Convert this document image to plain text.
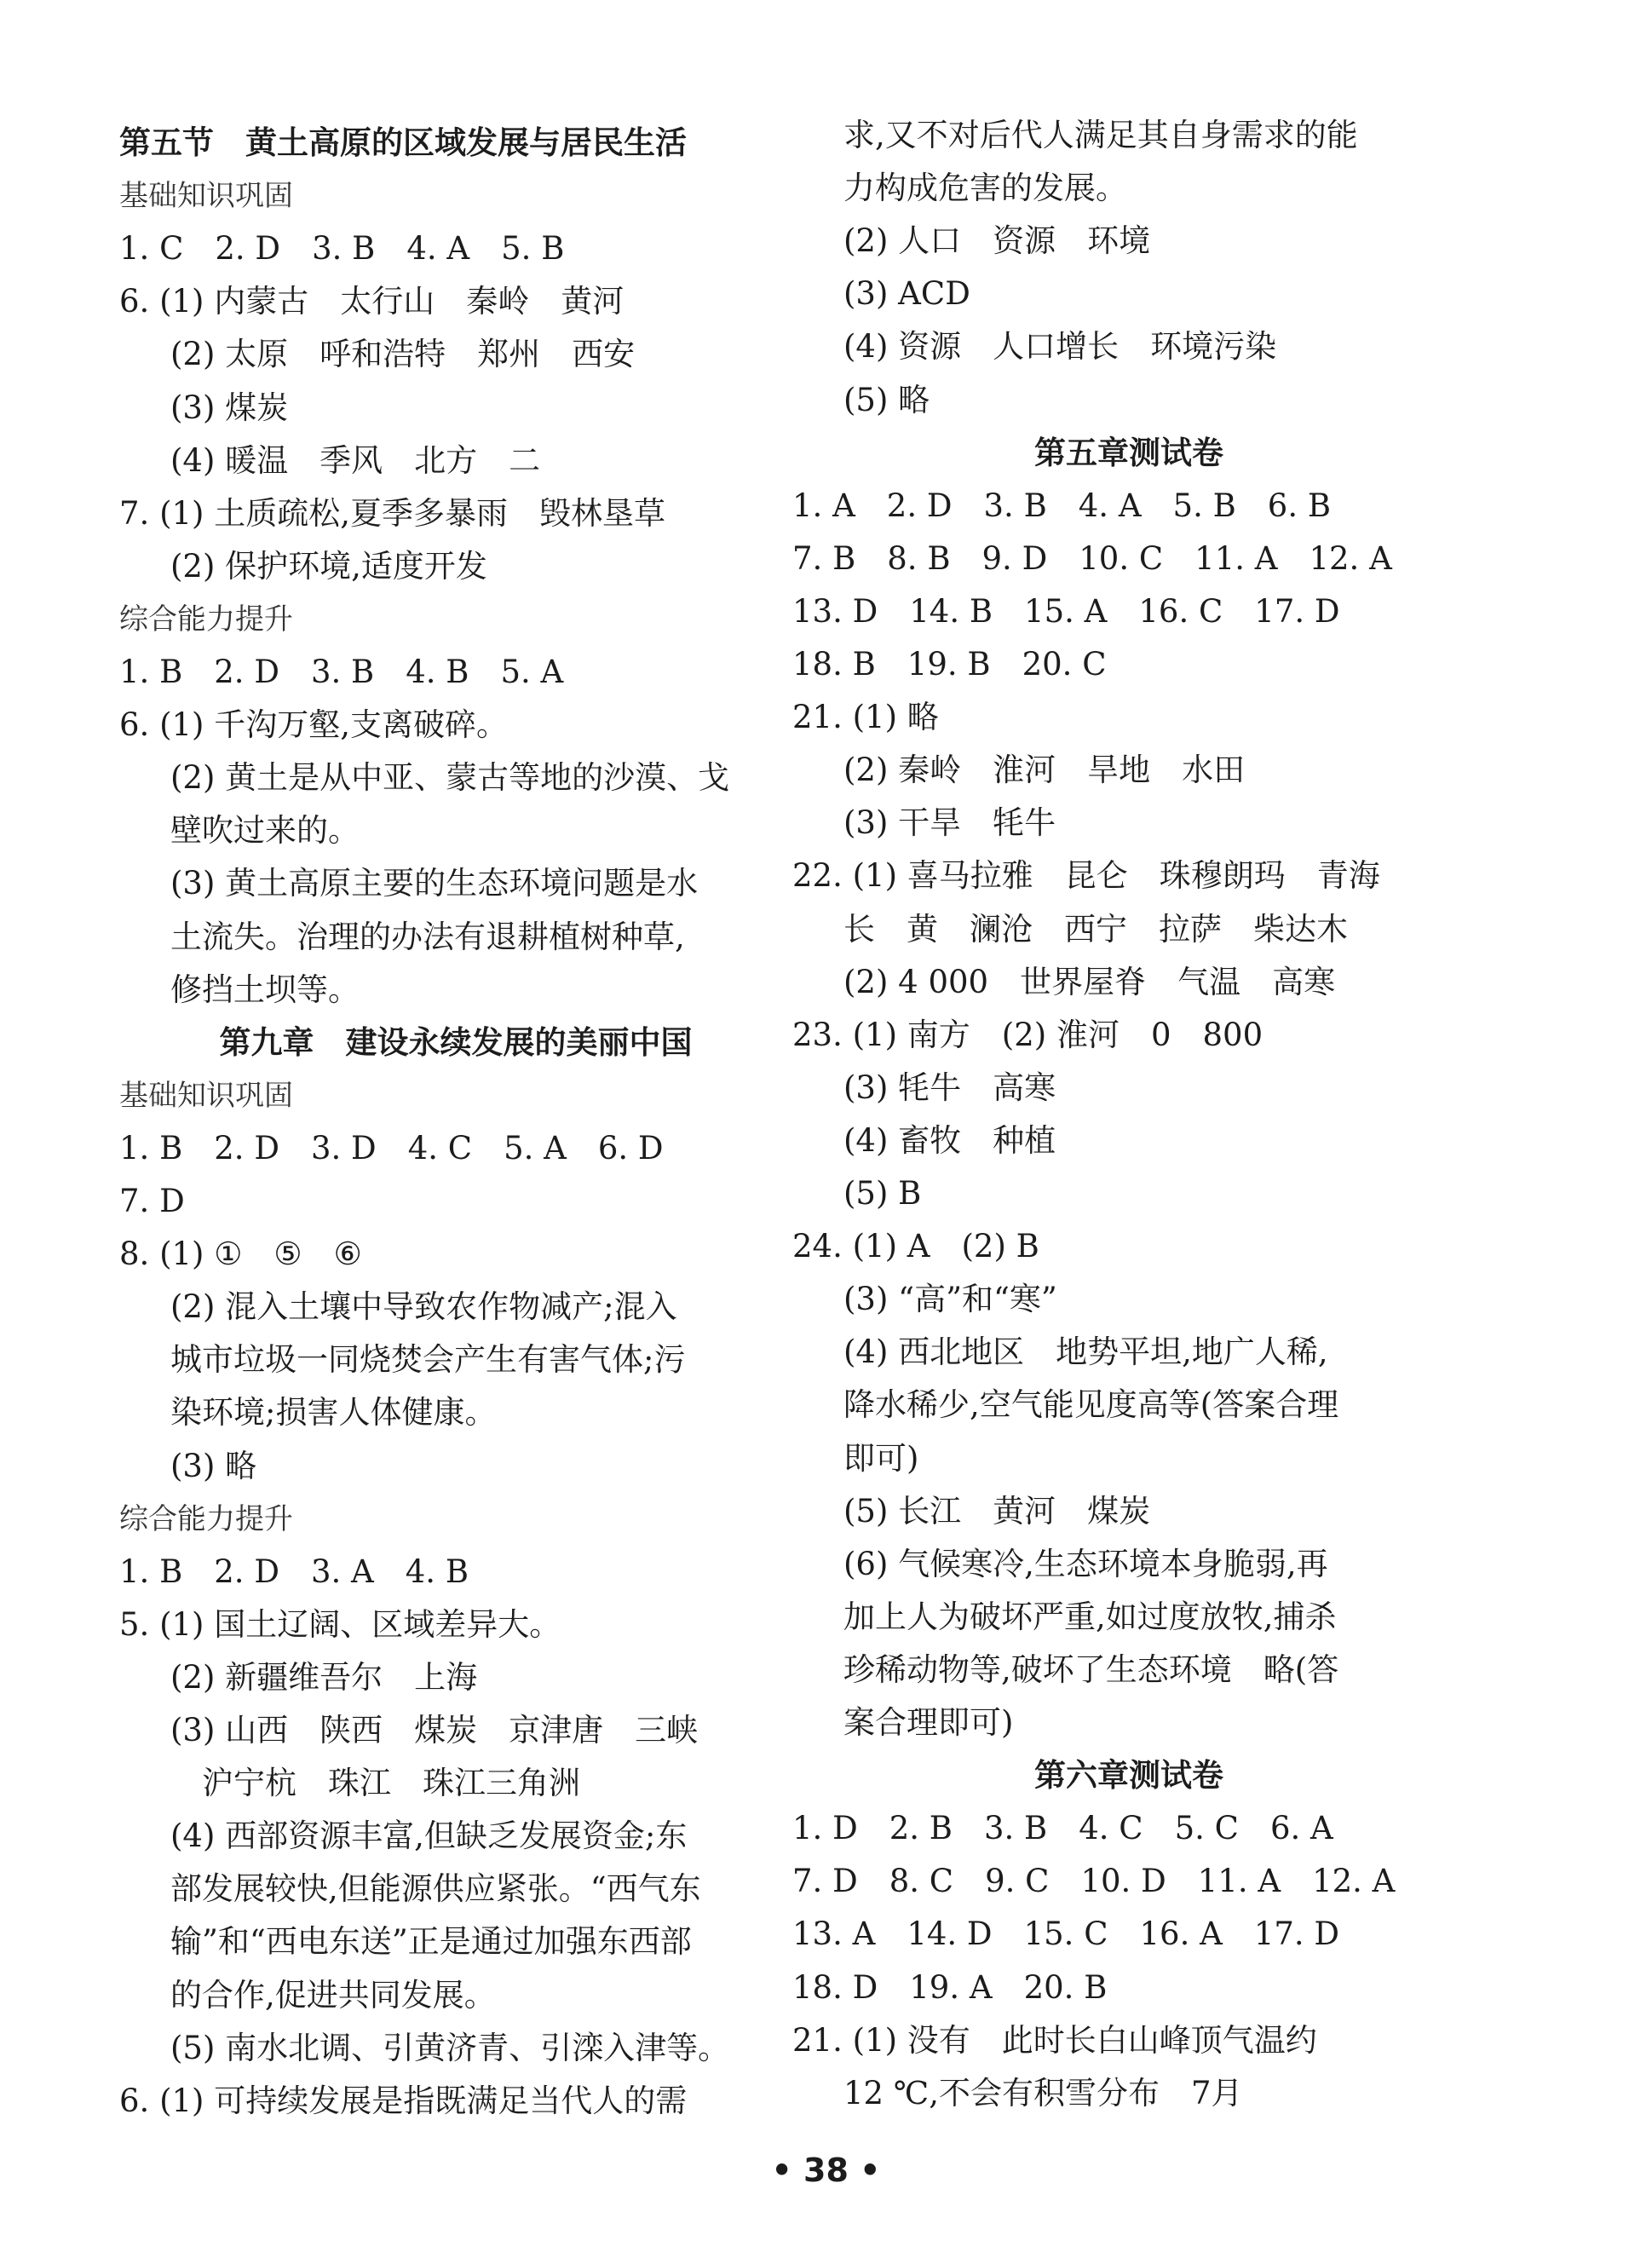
第五节　黄土高原的区域发展与居民生活
基础知识巩固
1. C　2. D　3. B　4. A　5. B
6. (1) 内蒙古　太行山　秦岭　黄河
(2) 太原　呼和浩特　郑州　西安
(3) 煤炭
(4) 暖温　季风　北方　二
7. (1) 土质疏松,夏季多暴雨　毁林垦草
(2) 保护环境,适度开发
综合能力提升
1. B　2. D　3. B　4. B　5. A
6. (1) 千沟万壑,支离破碎。
(2) 黄土是从中亚、蒙古等地的沙漠、戈
壁吹过来的。
(3) 黄土高原主要的生态环境问题是水
土流失。治理的办法有退耕植树种草,
修挡土坝等。
第九章　建设永续发展的美丽中国
基础知识巩固
1. B　2. D　3. D　4. C　5. A　6. D
7. D
8. (1) ①　⑤　⑥
(2) 混入土壤中导致农作物减产;混入
城市垃圾一同烧焚会产生有害气体;污
染环境;损害人体健康。
(3) 略
综合能力提升
1. B　2. D　3. A　4. B
5. (1) 国土辽阔、区域差异大。
(2) 新疆维吾尔　上海
(3) 山西　陕西　煤炭　京津唐　三峡
　沪宁杭　珠江　珠江三角洲
(4) 西部资源丰富,但缺乏发展资金;东
部发展较快,但能源供应紧张。“西气东
输”和“西电东送”正是通过加强东西部
的合作,促进共同发展。
(5) 南水北调、引黄济青、引滦入津等。
6. (1) 可持续发展是指既满足当代人的需
求,又不对后代人满足其自身需求的能
力构成危害的发展。
(2) 人口　资源　环境
(3) ACD
(4) 资源　人口增长　环境污染
(5) 略
第五章测试卷
1. A　2. D　3. B　4. A　5. B　6. B
7. B　8. B　9. D　10. C　11. A　12. A
13. D　14. B　15. A　16. C　17. D
18. B　19. B　20. C
21. (1) 略
(2) 秦岭　淮河　旱地　水田
(3) 干旱　牦牛
22. (1) 喜马拉雅　昆仑　珠穆朗玛　青海
长　黄　澜沧　西宁　拉萨　柴达木
(2) 4 000　世界屋脊　气温　高寒
23. (1) 南方　(2) 淮河　0　800
(3) 牦牛　高寒
(4) 畜牧　种植
(5) B
24. (1) A　(2) B
(3) “高”和“寒”
(4) 西北地区　地势平坦,地广人稀,
降水稀少,空气能见度高等(答案合理
即可)
(5) 长江　黄河　煤炭
(6) 气候寒冷,生态环境本身脆弱,再
加上人为破坏严重,如过度放牧,捕杀
珍稀动物等,破坏了生态环境　略(答
案合理即可)
第六章测试卷
1. D　2. B　3. B　4. C　5. C　6. A
7. D　8. C　9. C　10. D　11. A　12. A
13. A　14. D　15. C　16. A　17. D
18. D　19. A　20. B
21. (1) 没有　此时长白山峰顶气温约
12 ℃,不会有积雪分布　7月
• 38 •
